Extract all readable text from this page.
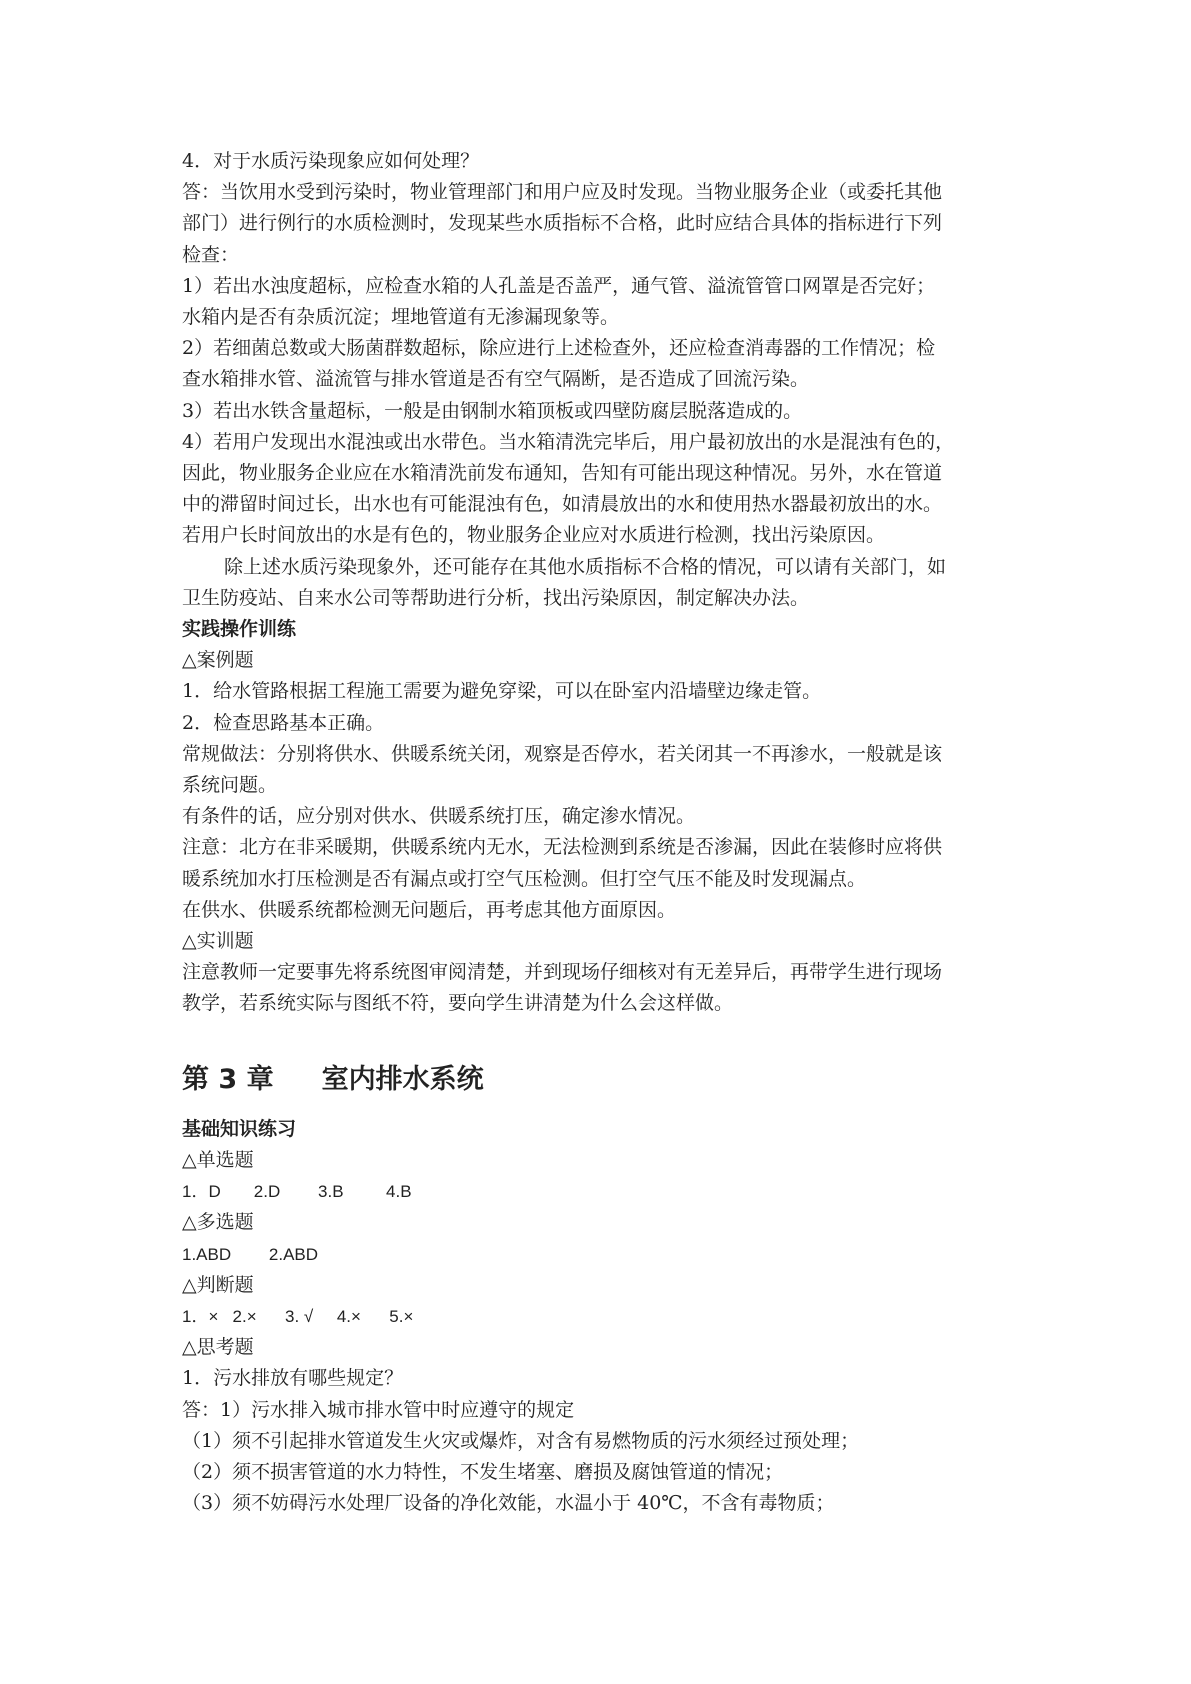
4．对于水质污染现象应如何处理？

答：当饮用水受到污染时，物业管理部门和用户应及时发现。当物业服务企业（或委托其他

部门）进行例行的水质检测时，发现某些水质指标不合格，此时应结合具体的指标进行下列

检查：

1）若出水浊度超标，应检查水箱的人孔盖是否盖严，通气管、溢流管管口网罩是否完好；

水箱内是否有杂质沉淀；埋地管道有无渗漏现象等。

2）若细菌总数或大肠菌群数超标，除应进行上述检查外，还应检查消毒器的工作情况；检

查水箱排水管、溢流管与排水管道是否有空气隔断，是否造成了回流污染。

3）若出水铁含量超标，一般是由钢制水箱顶板或四壁防腐层脱落造成的。

4）若用户发现出水混浊或出水带色。当水箱清洗完毕后，用户最初放出的水是混浊有色的，

因此，物业服务企业应在水箱清洗前发布通知，告知有可能出现这种情况。另外，水在管道

中的滞留时间过长，出水也有可能混浊有色，如清晨放出的水和使用热水器最初放出的水。

若用户长时间放出的水是有色的，物业服务企业应对水质进行检测，找出污染原因。

除上述水质污染现象外，还可能存在其他水质指标不合格的情况，可以请有关部门，如

卫生防疫站、自来水公司等帮助进行分析，找出污染原因，制定解决办法。

实践操作训练

△案例题

1．给水管路根据工程施工需要为避免穿梁，可以在卧室内沿墙壁边缘走管。

2．检查思路基本正确。

常规做法：分别将供水、供暖系统关闭，观察是否停水，若关闭其一不再渗水，一般就是该

系统问题。

有条件的话，应分别对供水、供暖系统打压，确定渗水情况。

注意：北方在非采暖期，供暖系统内无水，无法检测到系统是否渗漏，因此在装修时应将供

暖系统加水打压检测是否有漏点或打空气压检测。但打空气压不能及时发现漏点。

在供水、供暖系统都检测无问题后，再考虑其他方面原因。

△实训题

注意教师一定要事先将系统图审阅清楚，并到现场仔细核对有无差异后，再带学生进行现场

教学，若系统实际与图纸不符，要向学生讲清楚为什么会这样做。

第 3 章 室内排水系统

基础知识练习

△单选题

1．D       2.D        3.B         4.B

△多选题

1.ABD        2.ABD

△判断题

1．×   2.×      3. √     4.×      5.×

△思考题

1．污水排放有哪些规定？

答：1）污水排入城市排水管中时应遵守的规定

（1）须不引起排水管道发生火灾或爆炸，对含有易燃物质的污水须经过预处理；

（2）须不损害管道的水力特性，不发生堵塞、磨损及腐蚀管道的情况；

（3）须不妨碍污水处理厂设备的净化效能，水温小于 40℃，不含有毒物质；
